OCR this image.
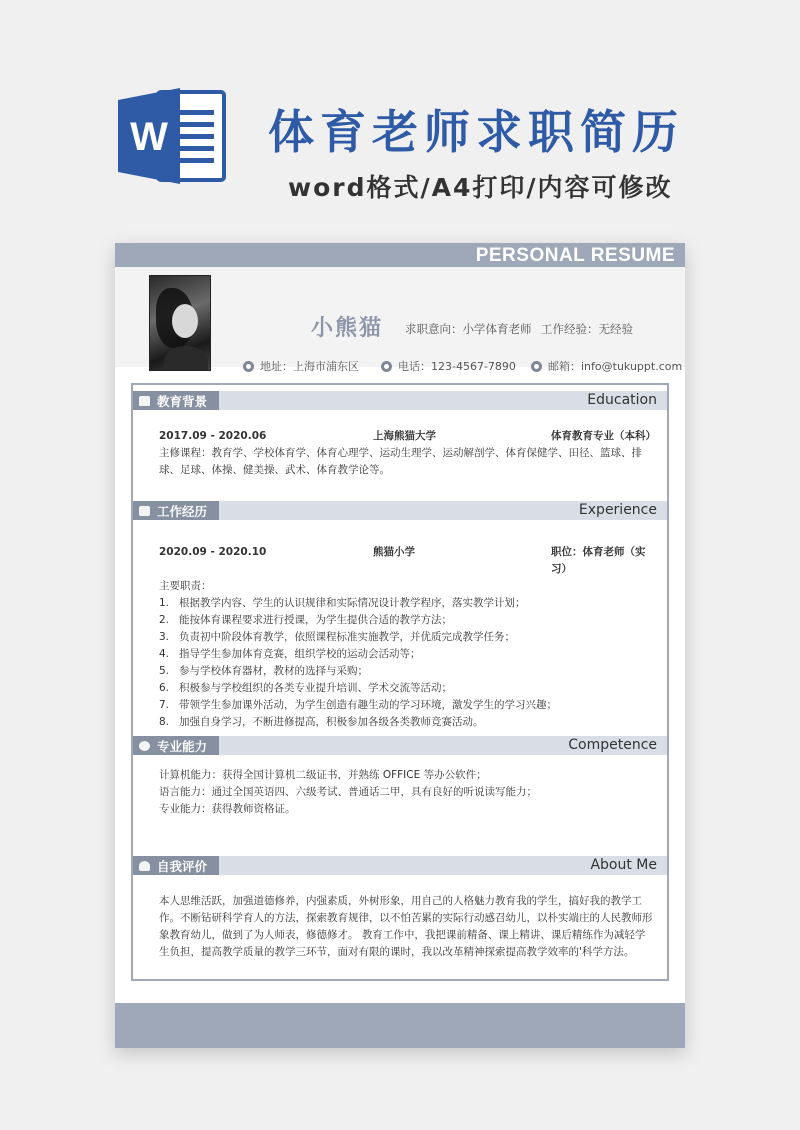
W 体育老师求职简历
word格式/A4打印/内容可修改
PERSONAL RESUME
小熊猫 求职意向：小学体育老师 工作经验：无经验
地址：上海市浦东区	电话：123-4567-7890	邮箱：info@tukuppt.com
教育背景	Education
2017.09 - 2020.06	上海熊猫大学	体育教育专业（本科）
主修课程：教育学、学校体育学、体育心理学、运动生理学、运动解剖学、体育保健学、田径、篮球、排球、足球、体操、健美操、武术、体育教学论等。
工作经历	Experience
2020.09 - 2020.10	熊猫小学	职位：体育老师（实习）
主要职责：
1. 根据教学内容、学生的认识规律和实际情况设计教学程序，落实教学计划；
2. 能按体育课程要求进行授课，为学生提供合适的教学方法；
3. 负责初中阶段体育教学，依照课程标准实施教学，并优质完成教学任务；
4. 指导学生参加体育竞赛，组织学校的运动会活动等；
5. 参与学校体育器材，教材的选择与采购；
6. 积极参与学校组织的各类专业提升培训、学术交流等活动；
7. 带领学生参加课外活动，为学生创造有趣生动的学习环境，激发学生的学习兴趣；
8. 加强自身学习，不断进修提高，积极参加各级各类教师竞赛活动。
专业能力	Competence
计算机能力：获得全国计算机二级证书，并熟练 OFFICE 等办公软件；
语言能力：通过全国英语四、六级考试、普通话二甲，具有良好的听说读写能力；
专业能力：获得教师资格证。
自我评价	About Me
本人思维活跃，加强道德修养，内强素质，外树形象，用自己的人格魅力教育我的学生，搞好我的教学工作。不断钻研科学育人的方法，探索教育规律，以不怕苦累的实际行动感召幼儿，以朴实端庄的人民教师形象教育幼儿，做到了为人师表，修德修才。 教育工作中，我把课前精备、课上精讲、课后精练作为减轻学生负担，提高教学质量的教学三环节，面对有限的课时，我以改革精神探索提高教学效率的'科学方法。
